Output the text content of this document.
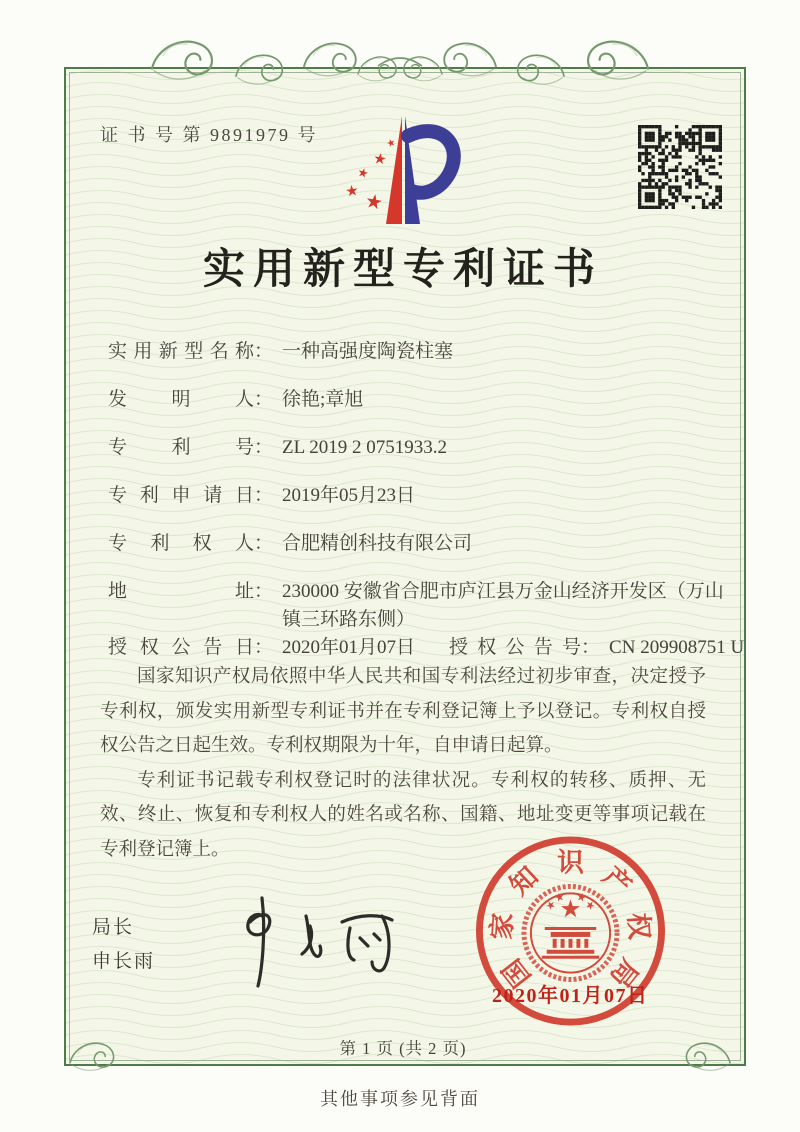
证 书 号 第 9891979 号
实用新型专利证书
实用新型名称 ： 一种高强度陶瓷柱塞
发明人 ： 徐艳;章旭
专利号 ： ZL 2019 2 0751933.2
专利申请日 ： 2019年05月23日
专利权人 ： 合肥精创科技有限公司
地址 ： 230000 安徽省合肥市庐江县万金山经济开发区（万山镇三环路东侧）
授权公告日 ： 2020年01月07日 授权公告号 ： CN 209908751 U

国家知识产权局依照中华人民共和国专利法经过初步审查，决定授予专利权，颁发实用新型专利证书并在专利登记簿上予以登记。专利权自授权公告之日起生效。专利权期限为十年，自申请日起算。

专利证书记载专利权登记时的法律状况。专利权的转移、质押、无效、终止、恢复和专利权人的姓名或名称、国籍、地址变更等事项记载在专利登记簿上。

局长
申长雨	国
家
知 识 产
权
局
2020年01月07日
第 1 页 (共 2 页)
其他事项参见背面
